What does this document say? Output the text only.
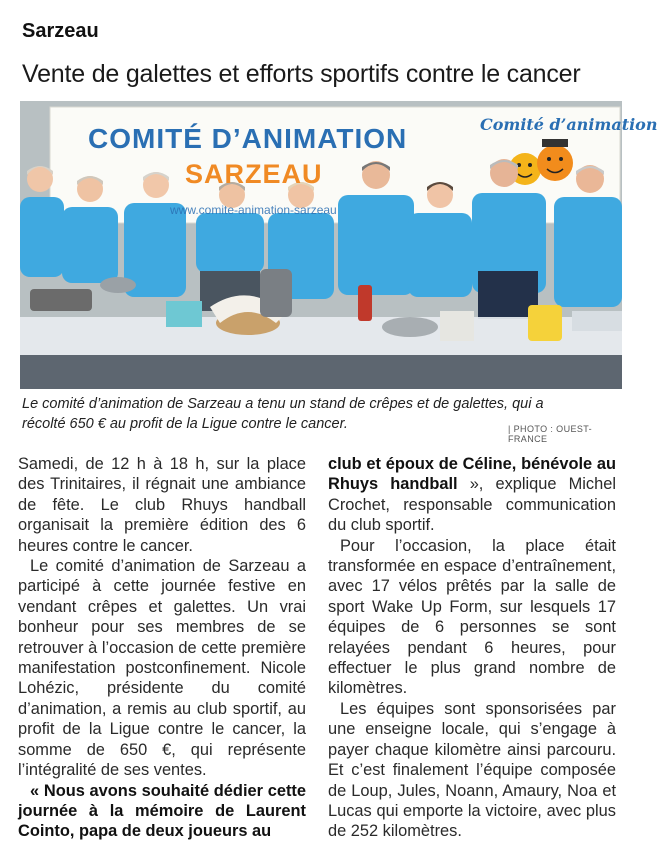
Sarzeau
Vente de galettes et efforts sportifs contre le cancer
COMITÉ D’ANIMATION
SARZEAU
Comité d’animation
www.comite-animation-sarzeau
Le comité d’animation de Sarzeau a tenu un stand de crêpes et de galettes, qui a récolté 650 € au profit de la Ligue contre le cancer.	| PHOTO : OUEST-FRANCE

Samedi, de 12 h à 18 h, sur la place des Trinitaires, il régnait une ambiance de fête. Le club Rhuys handball organisait la première édition des 6 heures contre le cancer.

Le comité d’animation de Sarzeau a participé à cette journée festive en vendant crêpes et galettes. Un vrai bonheur pour ses membres de se retrouver à l’occasion de cette première manifestation postconfinement. Nicole Lohézic, présidente du comité d’animation, a remis au club sportif, au profit de la Ligue contre le cancer, la somme de 650 €, qui représente l’intégralité de ses ventes.

« Nous avons souhaité dédier cette journée à la mémoire de Laurent Cointo, papa de deux joueurs au

club et époux de Céline, bénévole au Rhuys handball », explique Michel Crochet, responsable communication du club sportif.

Pour l’occasion, la place était transformée en espace d’entraînement, avec 17 vélos prêtés par la salle de sport Wake Up Form, sur lesquels 17 équipes de 6 personnes se sont relayées pendant 6 heures, pour effectuer le plus grand nombre de kilomètres.

Les équipes sont sponsorisées par une enseigne locale, qui s’engage à payer chaque kilomètre ainsi parcouru. Et c’est finalement l’équipe composée de Loup, Jules, Noann, Amaury, Noa et Lucas qui emporte la victoire, avec plus de 252 kilomètres.
